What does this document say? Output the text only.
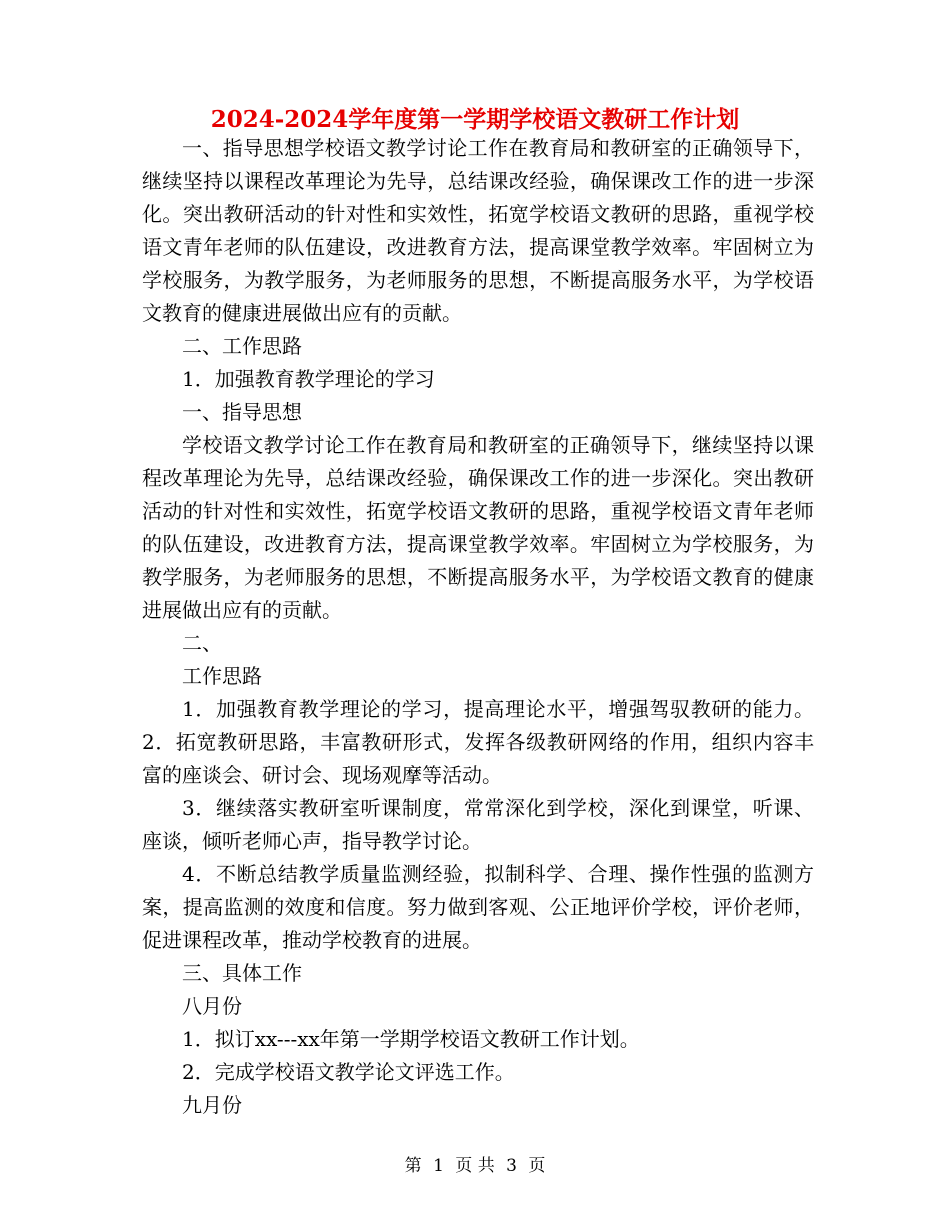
2024-2024学年度第一学期学校语文教研工作计划

一、指导思想学校语文教学讨论工作在教育局和教研室的正确领导下，继续坚持以课程改革理论为先导，总结课改经验，确保课改工作的进一步深化。突出教研活动的针对性和实效性，拓宽学校语文教研的思路，重视学校语文青年老师的队伍建设，改进教育方法，提高课堂教学效率。牢固树立为学校服务，为教学服务，为老师服务的思想，不断提高服务水平，为学校语文教育的健康进展做出应有的贡献。

二、工作思路

1．加强教育教学理论的学习

一、指导思想

学校语文教学讨论工作在教育局和教研室的正确领导下，继续坚持以课程改革理论为先导，总结课改经验，确保课改工作的进一步深化。突出教研活动的针对性和实效性，拓宽学校语文教研的思路，重视学校语文青年老师的队伍建设，改进教育方法，提高课堂教学效率。牢固树立为学校服务，为教学服务，为老师服务的思想，不断提高服务水平，为学校语文教育的健康进展做出应有的贡献。

二、

工作思路

1．加强教育教学理论的学习，提高理论水平，增强驾驭教研的能力。2．拓宽教研思路，丰富教研形式，发挥各级教研网络的作用，组织内容丰富的座谈会、研讨会、现场观摩等活动。

3．继续落实教研室听课制度，常常深化到学校，深化到课堂，听课、座谈，倾听老师心声，指导教学讨论。

4．不断总结教学质量监测经验，拟制科学、合理、操作性强的监测方案，提高监测的效度和信度。努力做到客观、公正地评价学校，评价老师，促进课程改革，推动学校教育的进展。

三、具体工作

八月份

1．拟订xx---xx年第一学期学校语文教研工作计划。

2．完成学校语文教学论文评选工作。

九月份

第 1 页 共 3 页
